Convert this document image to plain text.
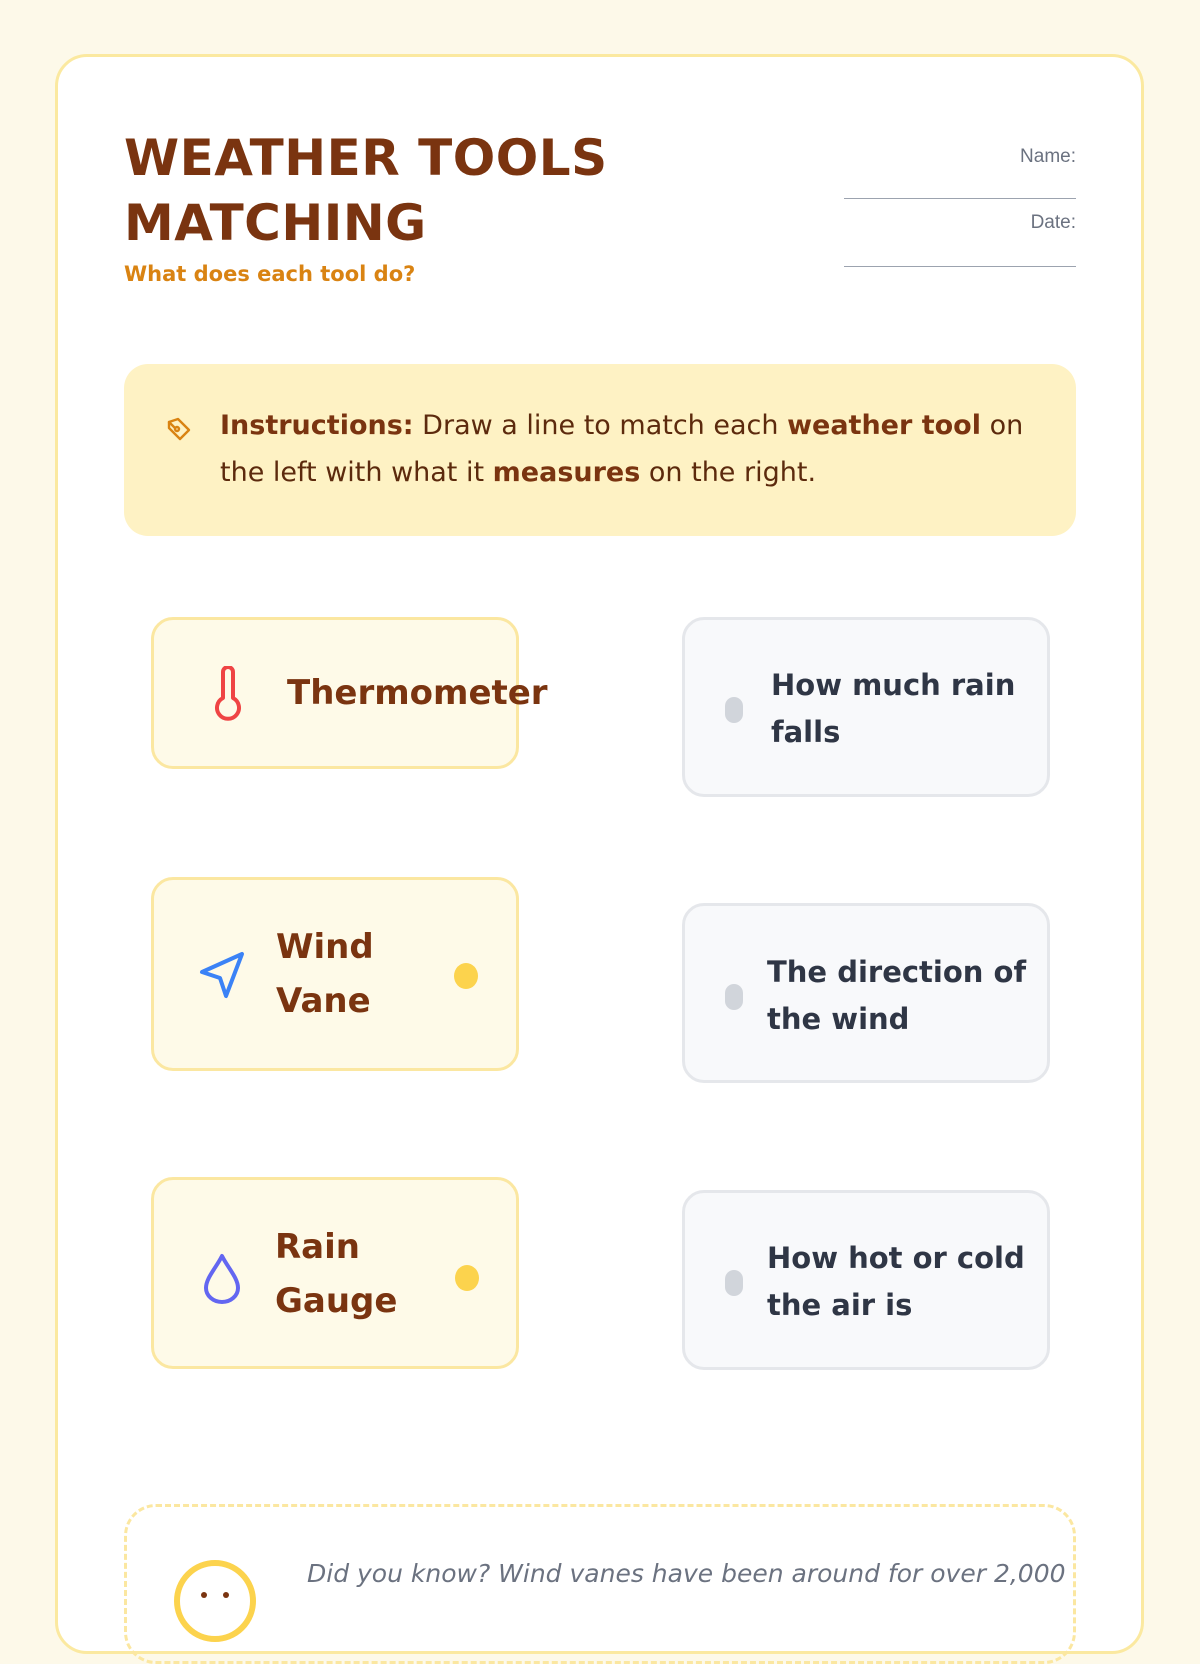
WEATHER TOOLS MATCHING
What does each tool do?
Name:
Date:
Instructions: Draw a line to match each weather tool on the left with what it measures on the right.
Thermometer
Wind Vane
Rain Gauge
How much rain falls
The direction of the wind
How hot or cold the air is
Did you know? Wind vanes have been around for over 2,000
